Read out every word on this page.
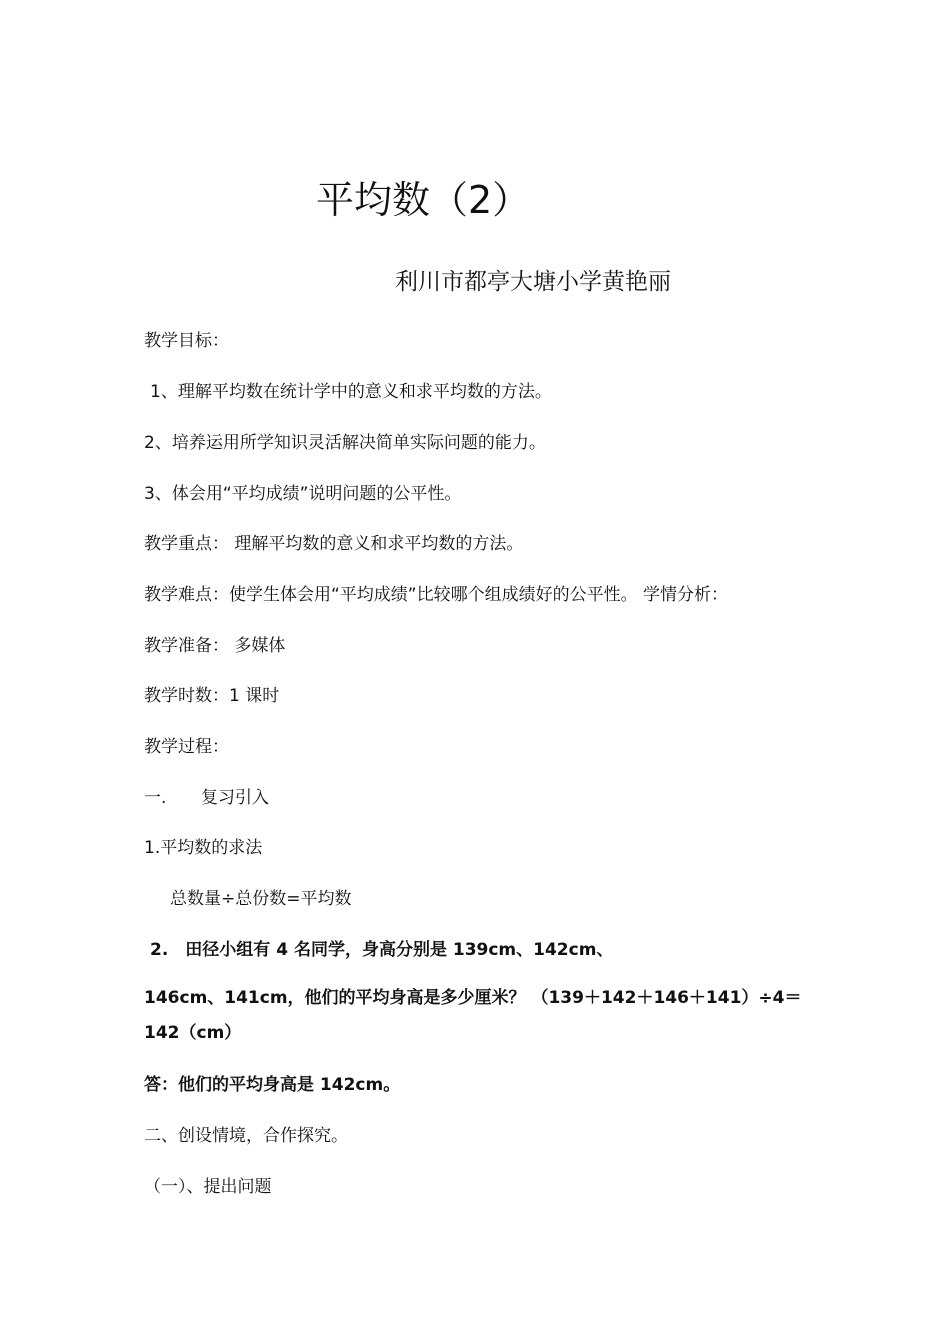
平均数（2）
利川市都亭大塘小学黄艳丽
教学目标：
1、理解平均数在统计学中的意义和求平均数的方法。
2、培养运用所学知识灵活解决简单实际问题的能力。
3、体会用“平均成绩”说明问题的公平性。
教学重点： 理解平均数的意义和求平均数的方法。
教学难点：使学生体会用“平均成绩”比较哪个组成绩好的公平性。 学情分析：
教学准备： 多媒体
教学时数：1 课时
教学过程：
一. 复习引入
1.平均数的求法
总数量÷总份数=平均数
2.　田径小组有 4 名同学，身高分别是 139cm、142cm、
146cm、141cm，他们的平均身高是多少厘米？ （139＋142＋146＋141）÷4＝142（cm）
答：他们的平均身高是 142cm。
二、创设情境，合作探究。
（一）、提出问题
